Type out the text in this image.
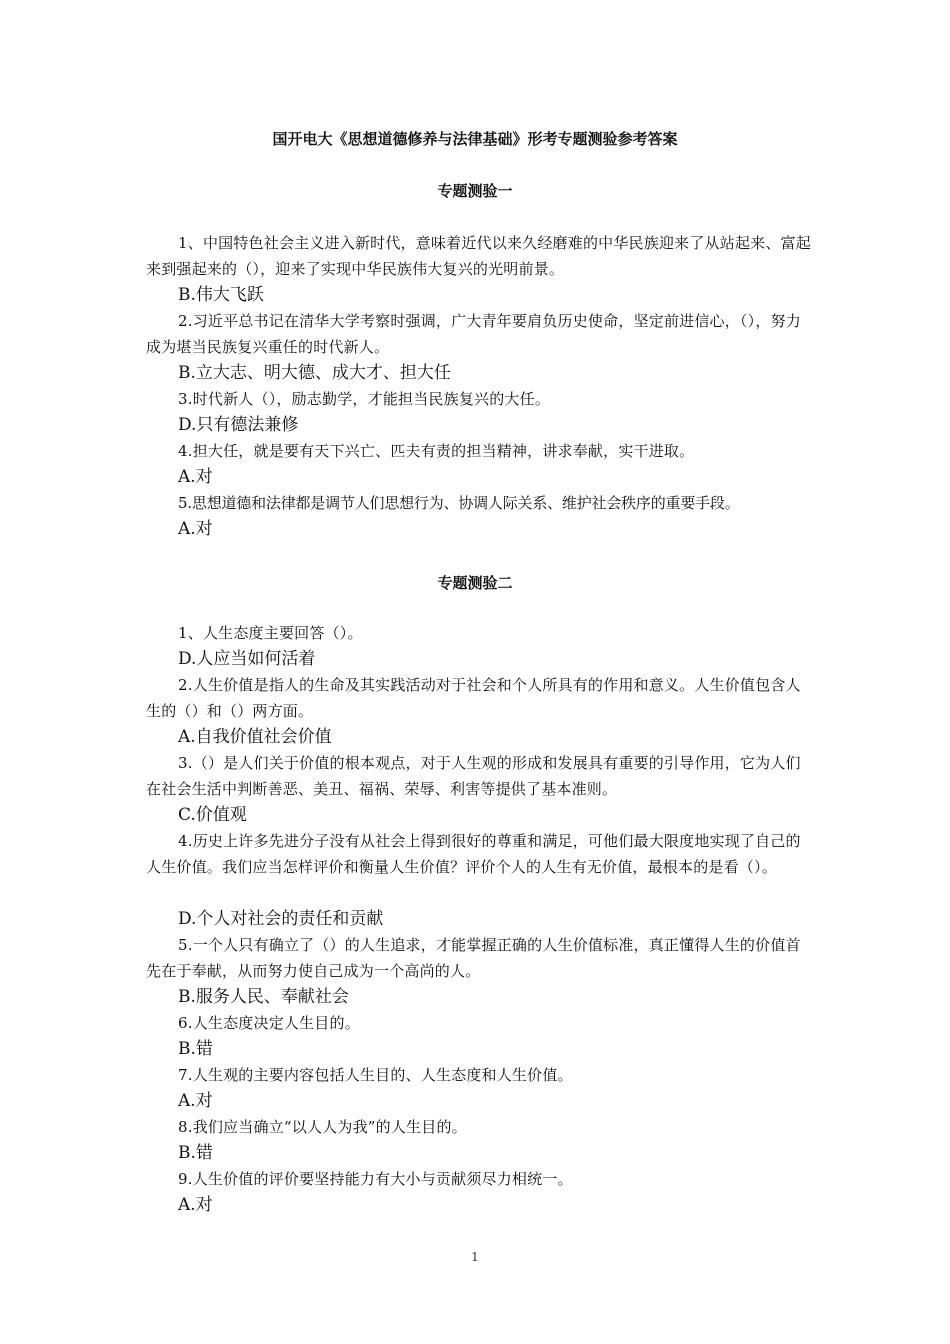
国开电大《思想道德修养与法律基础》形考专题测验参考答案
专题测验一
1、中国特色社会主义进入新时代，意味着近代以来久经磨难的中华民族迎来了从站起来、富起来到强起来的（），迎来了实现中华民族伟大复兴的光明前景。
B.伟大飞跃
2.习近平总书记在清华大学考察时强调，广大青年要肩负历史使命，坚定前进信心，（），努力成为堪当民族复兴重任的时代新人。
B.立大志、明大德、成大才、担大任
3.时代新人（），励志勤学，才能担当民族复兴的大任。
D.只有德法兼修
4.担大任，就是要有天下兴亡、匹夫有责的担当精神，讲求奉献，实干进取。
A.对
5.思想道德和法律都是调节人们思想行为、协调人际关系、维护社会秩序的重要手段。
A.对
专题测验二
1、人生态度主要回答（）。
D.人应当如何活着
2.人生价值是指人的生命及其实践活动对于社会和个人所具有的作用和意义。人生价值包含人生的（）和（）两方面。
A.自我价值社会价值
3.（）是人们关于价值的根本观点，对于人生观的形成和发展具有重要的引导作用，它为人们在社会生活中判断善恶、美丑、福祸、荣辱、利害等提供了基本准则。
C.价值观
4.历史上许多先进分子没有从社会上得到很好的尊重和满足，可他们最大限度地实现了自己的人生价值。我们应当怎样评价和衡量人生价值？评价个人的人生有无价值，最根本的是看（）。
D.个人对社会的责任和贡献
5.一个人只有确立了（）的人生追求，才能掌握正确的人生价值标准，真正懂得人生的价值首先在于奉献，从而努力使自己成为一个高尚的人。
B.服务人民、奉献社会
6.人生态度决定人生目的。
B.错
7.人生观的主要内容包括人生目的、人生态度和人生价值。
A.对
8.我们应当确立“以人人为我”的人生目的。
B.错
9.人生价值的评价要坚持能力有大小与贡献须尽力相统一。
A.对
1
